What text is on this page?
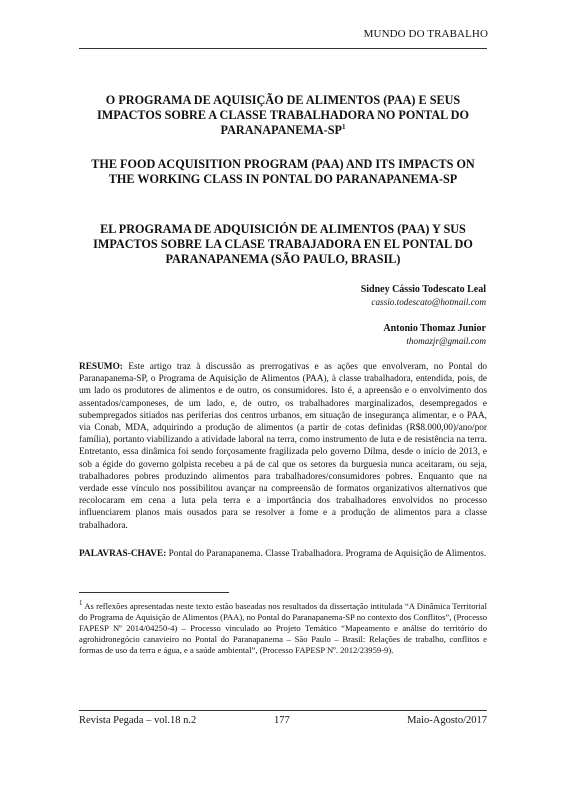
MUNDO DO TRABALHO
O PROGRAMA DE AQUISIÇÃO DE ALIMENTOS (PAA) E SEUS IMPACTOS SOBRE A CLASSE TRABALHADORA NO PONTAL DO PARANAPANEMA-$SP^1$
THE FOOD ACQUISITION PROGRAM (PAA) AND ITS IMPACTS ON THE WORKING CLASS IN PONTAL DO PARANAPANEMA-SP
EL PROGRAMA DE ADQUISICIÓN DE ALIMENTOS (PAA) Y SUS IMPACTOS SOBRE LA CLASE TRABAJADORA EN EL PONTAL DO PARANAPANEMA (SÃO PAULO, BRASIL)
Sidney Cássio Todescato Leal
cassio.todescato@hotmail.com
Antonio Thomaz Junior
thomazjr@gmail.com
RESUMO: Este artigo traz à discussão as prerrogativas e as ações que envolveram, no Pontal do Paranapanema-SP, o Programa de Aquisição de Alimentos (PAA), à classe trabalhadora, entendida, pois, de um lado os produtores de alimentos e de outro, os consumidores. Isto é, a apreensão e o envolvimento dos assentados/camponeses, de um lado, e, de outro, os trabalhadores marginalizados, desempregados e subempregados sitiados nas periferias dos centros urbanos, em situação de insegurança alimentar, e o PAA, via Conab, MDA, adquirindo a produção de alimentos (a partir de cotas definidas (R$8.000,00)/ano/por família), portanto viabilizando a atividade laboral na terra, como instrumento de luta e de resistência na terra. Entretanto, essa dinâmica foi sendo forçosamente fragilizada pelo governo Dilma, desde o início de 2013, e sob a égide do governo golpista recebeu a pá de cal que os setores da burguesia nunca aceitaram, ou seja, trabalhadores pobres produzindo alimentos para trabalhadores/consumidores pobres. Enquanto que na verdade esse vínculo nos possibilitou avançar na compreensão de formatos organizativos alternativos que recolocaram em cena a luta pela terra e a importância dos trabalhadores envolvidos no processo influenciarem planos mais ousados para se resolver a fome e a produção de alimentos para a classe trabalhadora.
PALAVRAS-CHAVE: Pontal do Paranapanema. Classe Trabalhadora. Programa de Aquisição de Alimentos.
$^1$ As reflexões apresentadas neste texto estão baseadas nos resultados da dissertação intitulada “A Dinâmica Territorial do Programa de Aquisição de Alimentos (PAA), no Pontal do Paranapanema-SP no contexto dos Conflitos”, (Processo FAPESP Nº 2014/04250-4) – Processo vinculado ao Projeto Temático “Mapeamento e análise do território do agrohidronegócio canavieiro no Pontal do Paranapanema – São Paulo – Brasil: Relações de trabalho, conflitos e formas de uso da terra e água, e a saúde ambiental”, (Processo FAPESP Nº. 2012/23959-9).
Revista Pegada – vol.18 n.2	177	Maio-Agosto/2017
